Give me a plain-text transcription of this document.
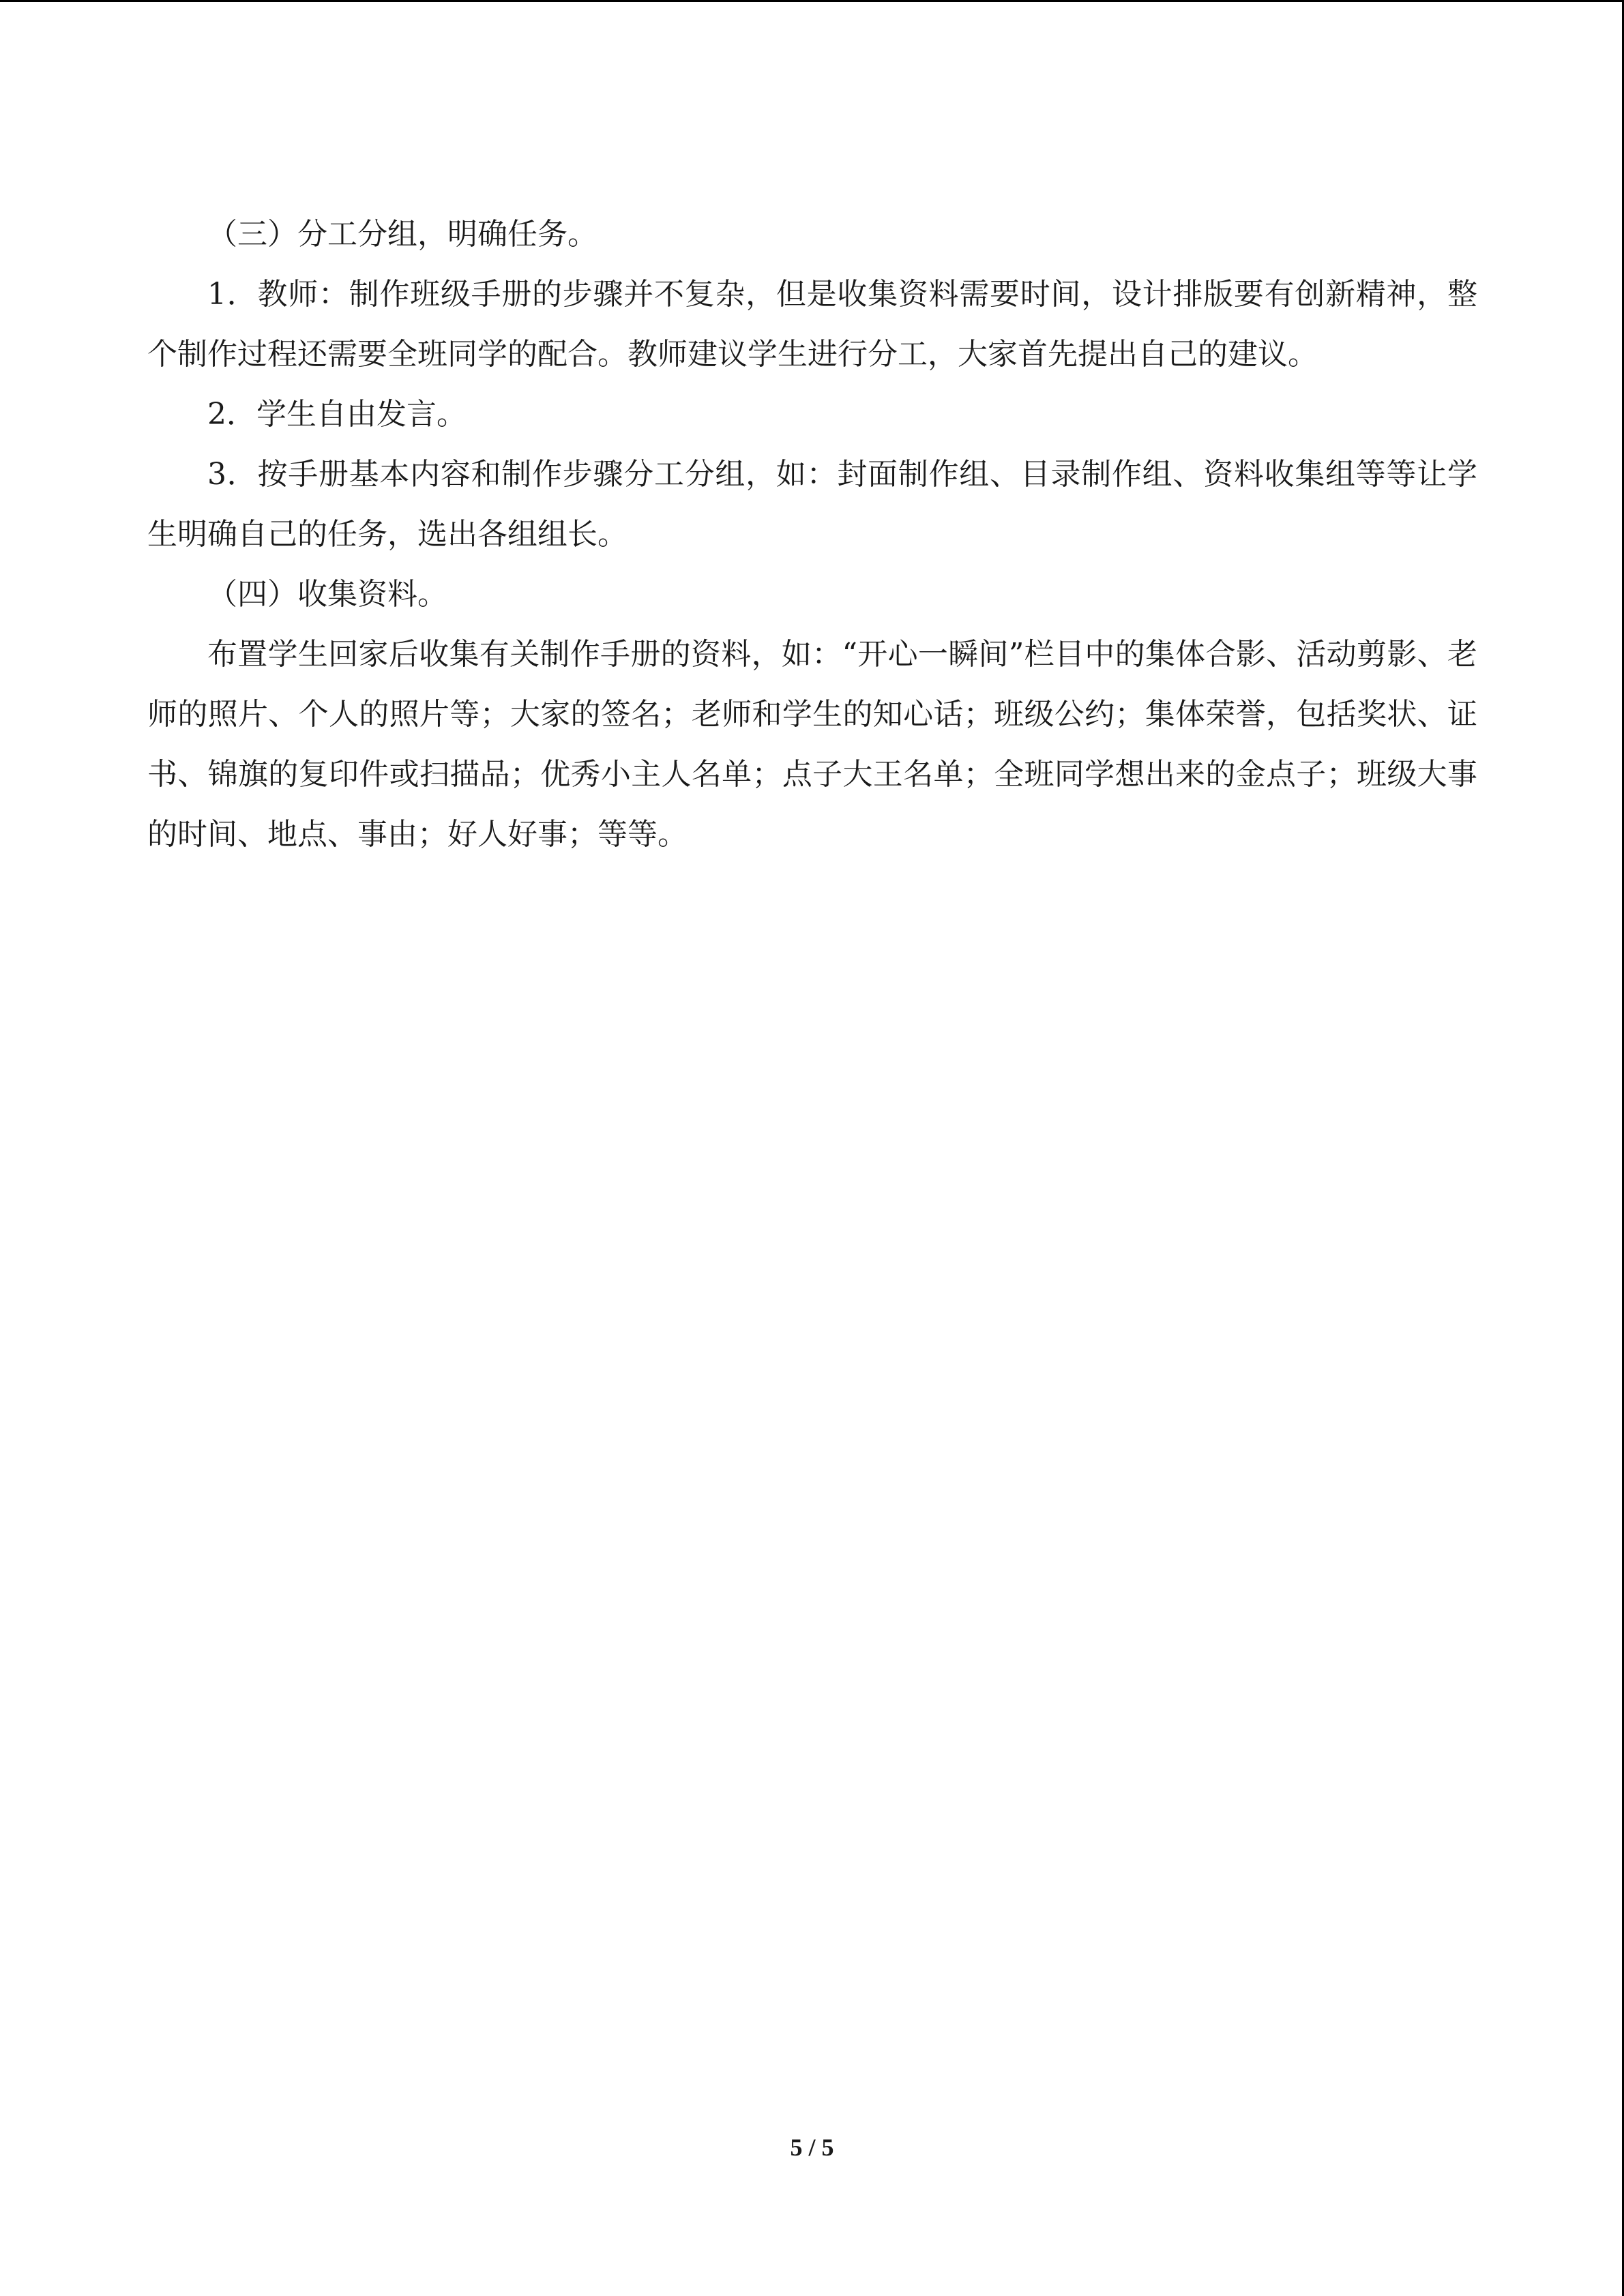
（三）分工分组，明确任务。

1．教师：制作班级手册的步骤并不复杂，但是收集资料需要时间，设计排版要有创新精神，整个制作过程还需要全班同学的配合。教师建议学生进行分工，大家首先提出自己的建议。

2．学生自由发言。

3．按手册基本内容和制作步骤分工分组，如：封面制作组、目录制作组、资料收集组等等让学生明确自己的任务，选出各组组长。

（四）收集资料。

布置学生回家后收集有关制作手册的资料，如：“开心一瞬间”栏目中的集体合影、活动剪影、老师的照片、个人的照片等；大家的签名；老师和学生的知心话；班级公约；集体荣誉，包括奖状、证书、锦旗的复印件或扫描品；优秀小主人名单；点子大王名单；全班同学想出来的金点子；班级大事的时间、地点、事由；好人好事；等等。

5 / 5
